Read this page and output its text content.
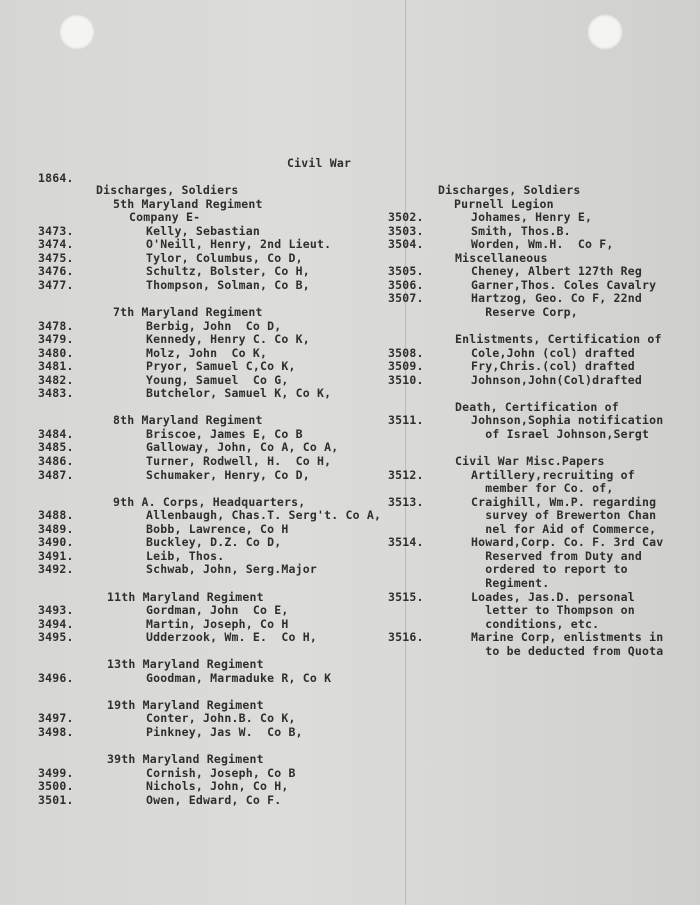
Civil War
1864.
Discharges, Soldiers
5th Maryland Regiment
Company E-
3473.	Kelly, Sebastian
3474.	O'Neill, Henry, 2nd Lieut.
3475.	Tylor, Columbus, Co D,
3476.	Schultz, Bolster, Co H,
3477.	Thompson, Solman, Co B,
7th Maryland Regiment
3478.	Berbig, John  Co D,
3479.	Kennedy, Henry C. Co K,
3480.	Molz, John  Co K,
3481.	Pryor, Samuel C,Co K,
3482.	Young, Samuel  Co G,
3483.	Butchelor, Samuel K, Co K,
8th Maryland Regiment
3484.	Briscoe, James E, Co B
3485.	Galloway, John, Co A, Co A,
3486.	Turner, Rodwell, H.  Co H,
3487.	Schumaker, Henry, Co D,
9th A. Corps, Headquarters,
3488.	Allenbaugh, Chas.T. Serg't. Co A,
3489.	Bobb, Lawrence, Co H
3490.	Buckley, D.Z. Co D,
3491.	Leib, Thos.
3492.	Schwab, John, Serg.Major
11th Maryland Regiment
3493.	Gordman, John  Co E,
3494.	Martin, Joseph, Co H
3495.	Udderzook, Wm. E.  Co H,
13th Maryland Regiment
3496.	Goodman, Marmaduke R, Co K
19th Maryland Regiment
3497.	Conter, John.B. Co K,
3498.	Pinkney, Jas W.  Co B,
39th Maryland Regiment
3499.	Cornish, Joseph, Co B
3500.	Nichols, John, Co H,
3501.	Owen, Edward, Co F.
Discharges, Soldiers
Purnell Legion
3502.	Johames, Henry E,
3503.	Smith, Thos.B.
3504.	Worden, Wm.H.  Co F,
Miscellaneous
3505.	Cheney, Albert 127th Reg
3506.	Garner,Thos. Coles Cavalry
3507.	Hartzog, Geo. Co F, 22nd
Reserve Corp,
Enlistments, Certification of
3508.	Cole,John (col) drafted
3509.	Fry,Chris.(col) drafted
3510.	Johnson,John(Col)drafted
Death, Certification of
3511.	Johnson,Sophia notification
of Israel Johnson,Sergt
Civil War Misc.Papers
3512.	Artillery,recruiting of
member for Co. of,
3513.	Craighill, Wm.P. regarding
survey of Brewerton Chan
nel for Aid of Commerce,
3514.	Howard,Corp. Co. F. 3rd Cav
Reserved from Duty and
ordered to report to
Regiment.
3515.	Loades, Jas.D. personal
letter to Thompson on
conditions, etc.
3516.	Marine Corp, enlistments in
to be deducted from Quota
